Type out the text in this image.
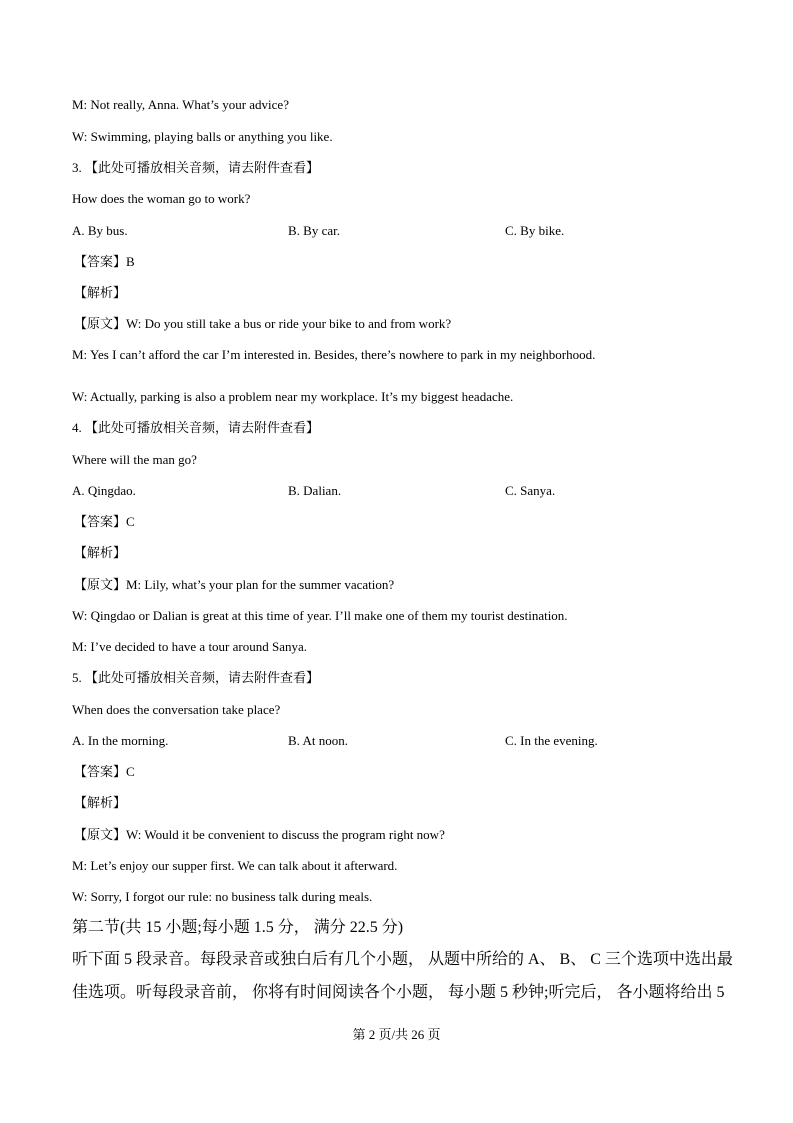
M: Not really, Anna. What’s your advice?
W: Swimming, playing balls or anything you like.
3. 【此处可播放相关音频，请去附件查看】
How does the woman go to work?
A. By bus.	B. By car.	C. By bike.
【答案】B
【解析】
【原文】W: Do you still take a bus or ride your bike to and from work?
M: Yes I can’t afford the car I’m interested in. Besides, there’s nowhere to park in my neighborhood.
W: Actually, parking is also a problem near my workplace. It’s my biggest headache.
4. 【此处可播放相关音频，请去附件查看】
Where will the man go?
A. Qingdao.	B. Dalian.	C. Sanya.
【答案】C
【解析】
【原文】M: Lily, what’s your plan for the summer vacation?
W: Qingdao or Dalian is great at this time of year. I’ll make one of them my tourist destination.
M: I’ve decided to have a tour around Sanya.
5. 【此处可播放相关音频，请去附件查看】
When does the conversation take place?
A. In the morning.	B. At noon.	C. In the evening.
【答案】C
【解析】
【原文】W: Would it be convenient to discuss the program right now?
M: Let’s enjoy our supper first. We can talk about it afterward.
W: Sorry, I forgot our rule: no business talk during meals.
第二节(共 15 小题;每小题 1.5 分， 满分 22.5 分)
听下面 5 段录音。每段录音或独白后有几个小题， 从题中所给的 A、 B、 C 三个选项中选出最
佳选项。听每段录音前， 你将有时间阅读各个小题， 每小题 5 秒钟;听完后， 各小题将给出 5
第 2 页/共 26 页
